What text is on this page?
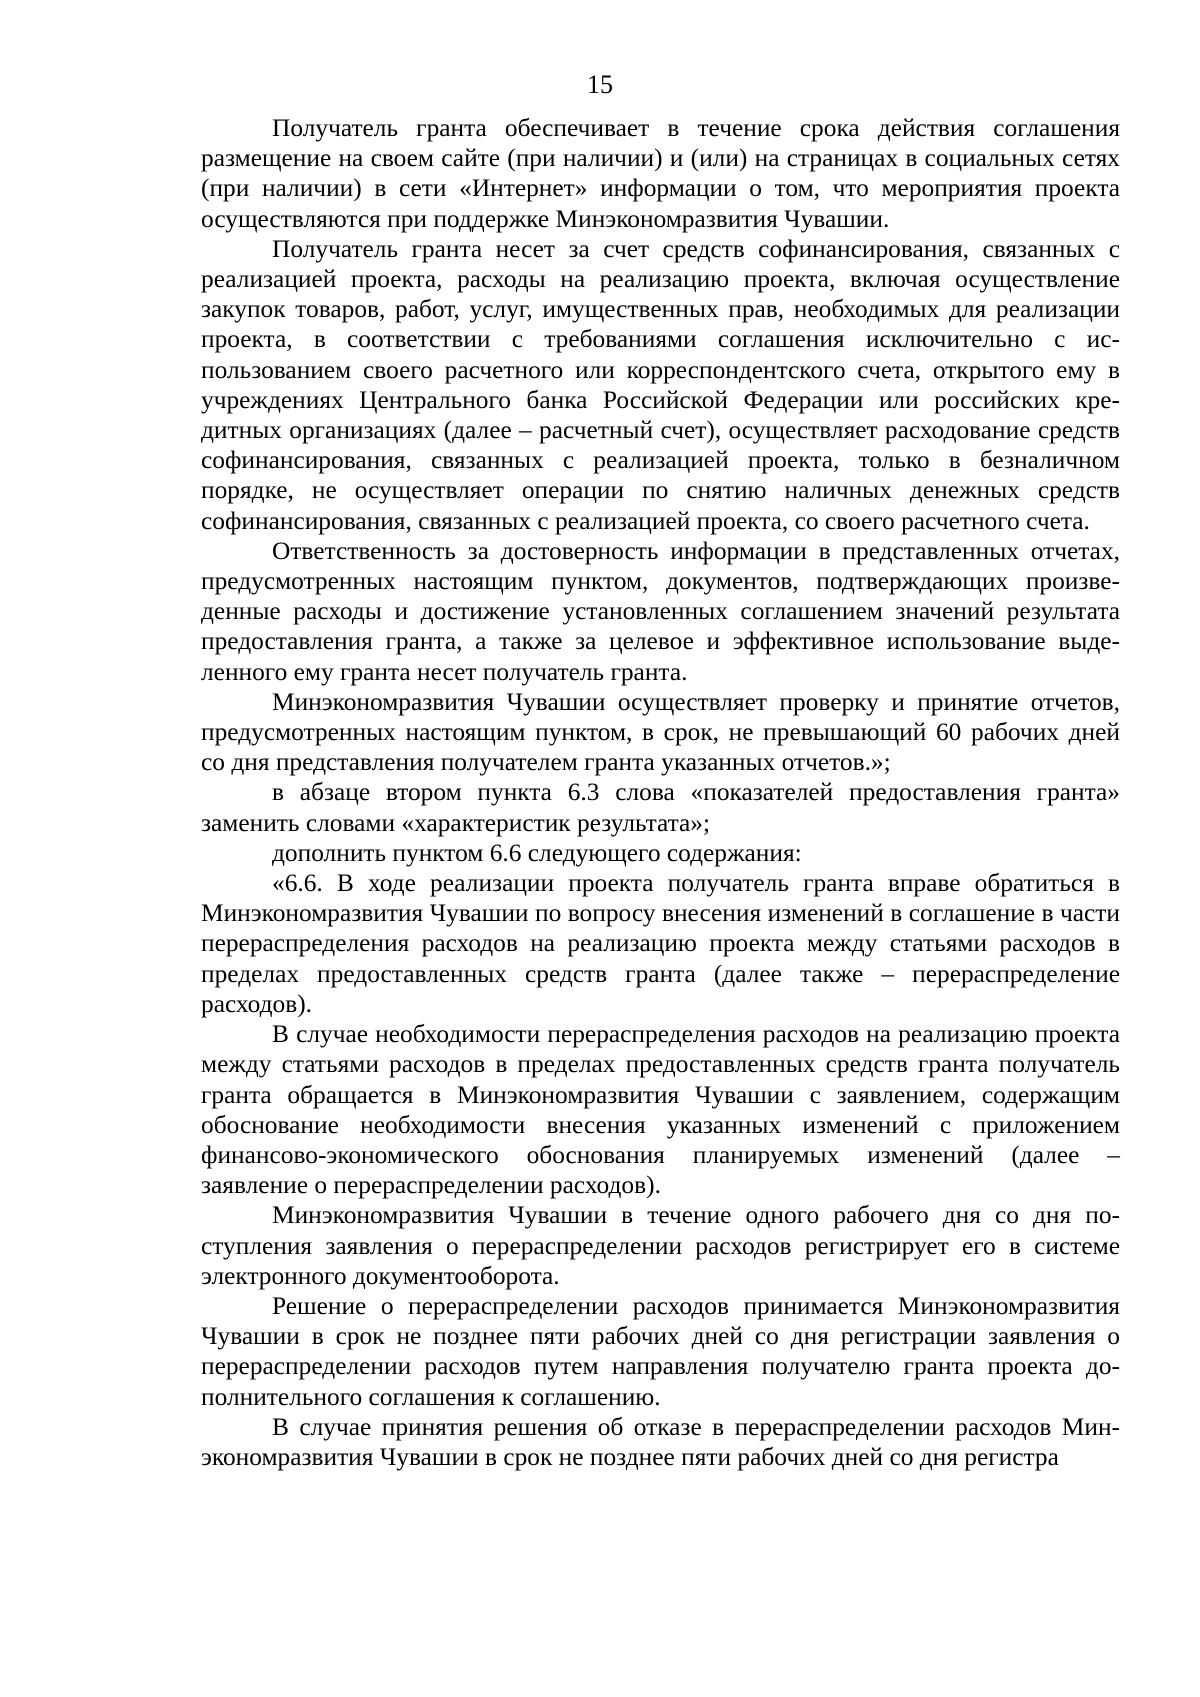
15

Получатель гранта обеспечивает в течение срока действия соглашения размещение на своем сайте (при наличии) и (или) на страницах в социальных сетях (при наличии) в сети «Интернет» информации о том, что мероприятия проекта осуществляются при поддержке Минэкономразвития Чувашии.

Получатель гранта несет за счет средств софинансирования, связанных с реализацией проекта, расходы на реализацию проекта, включая осуществление закупок товаров, работ, услуг, имущественных прав, необходимых для реализации проекта, в соответствии с требованиями соглашения исключительно с использованием своего расчетного или корреспондентского счета, открытого ему в учреждениях Центрального банка Российской Федерации или российских кредитных организациях (далее – расчетный счет), осуществляет расходование средств софинансирования, связанных с реализацией проекта, только в безналичном порядке, не осуществляет операции по снятию наличных денежных средств софинансирования, связанных с реализацией проекта, со своего расчетного счета.

Ответственность за достоверность информации в представленных отчетах, предусмотренных настоящим пунктом, документов, подтверждающих произведенные расходы и достижение установленных соглашением значений результата предоставления гранта, а также за целевое и эффективное использование выделенного ему гранта несет получатель гранта.

Минэкономразвития Чувашии осуществляет проверку и принятие отчетов, предусмотренных настоящим пунктом, в срок, не превышающий 60 рабочих дней со дня представления получателем гранта указанных отчетов.»;

в абзаце втором пункта 6.3 слова «показателей предоставления гранта» заменить словами «характеристик результата»;

дополнить пунктом 6.6 следующего содержания:

«6.6. В ходе реализации проекта получатель гранта вправе обратиться в Минэкономразвития Чувашии по вопросу внесения изменений в соглашение в части перераспределения расходов на реализацию проекта между статьями расходов в пределах предоставленных средств гранта (далее также – перераспределение расходов).

В случае необходимости перераспределения расходов на реализацию проекта между статьями расходов в пределах предоставленных средств гранта получатель гранта обращается в Минэкономразвития Чувашии с заявлением, содержащим обоснование необходимости внесения указанных изменений с приложением финансово-экономического обоснования планируемых изменений (далее – заявление о перераспределении расходов).

Минэкономразвития Чувашии в течение одного рабочего дня со дня поступления заявления о перераспределении расходов регистрирует его в системе электронного документооборота.

Решение о перераспределении расходов принимается Минэкономразвития Чувашии в срок не позднее пяти рабочих дней со дня регистрации заявления о перераспределении расходов путем направления получателю гранта проекта дополнительного соглашения к соглашению.

В случае принятия решения об отказе в перераспределении расходов Минэкономразвития Чувашии в срок не позднее пяти рабочих дней со дня регистра
